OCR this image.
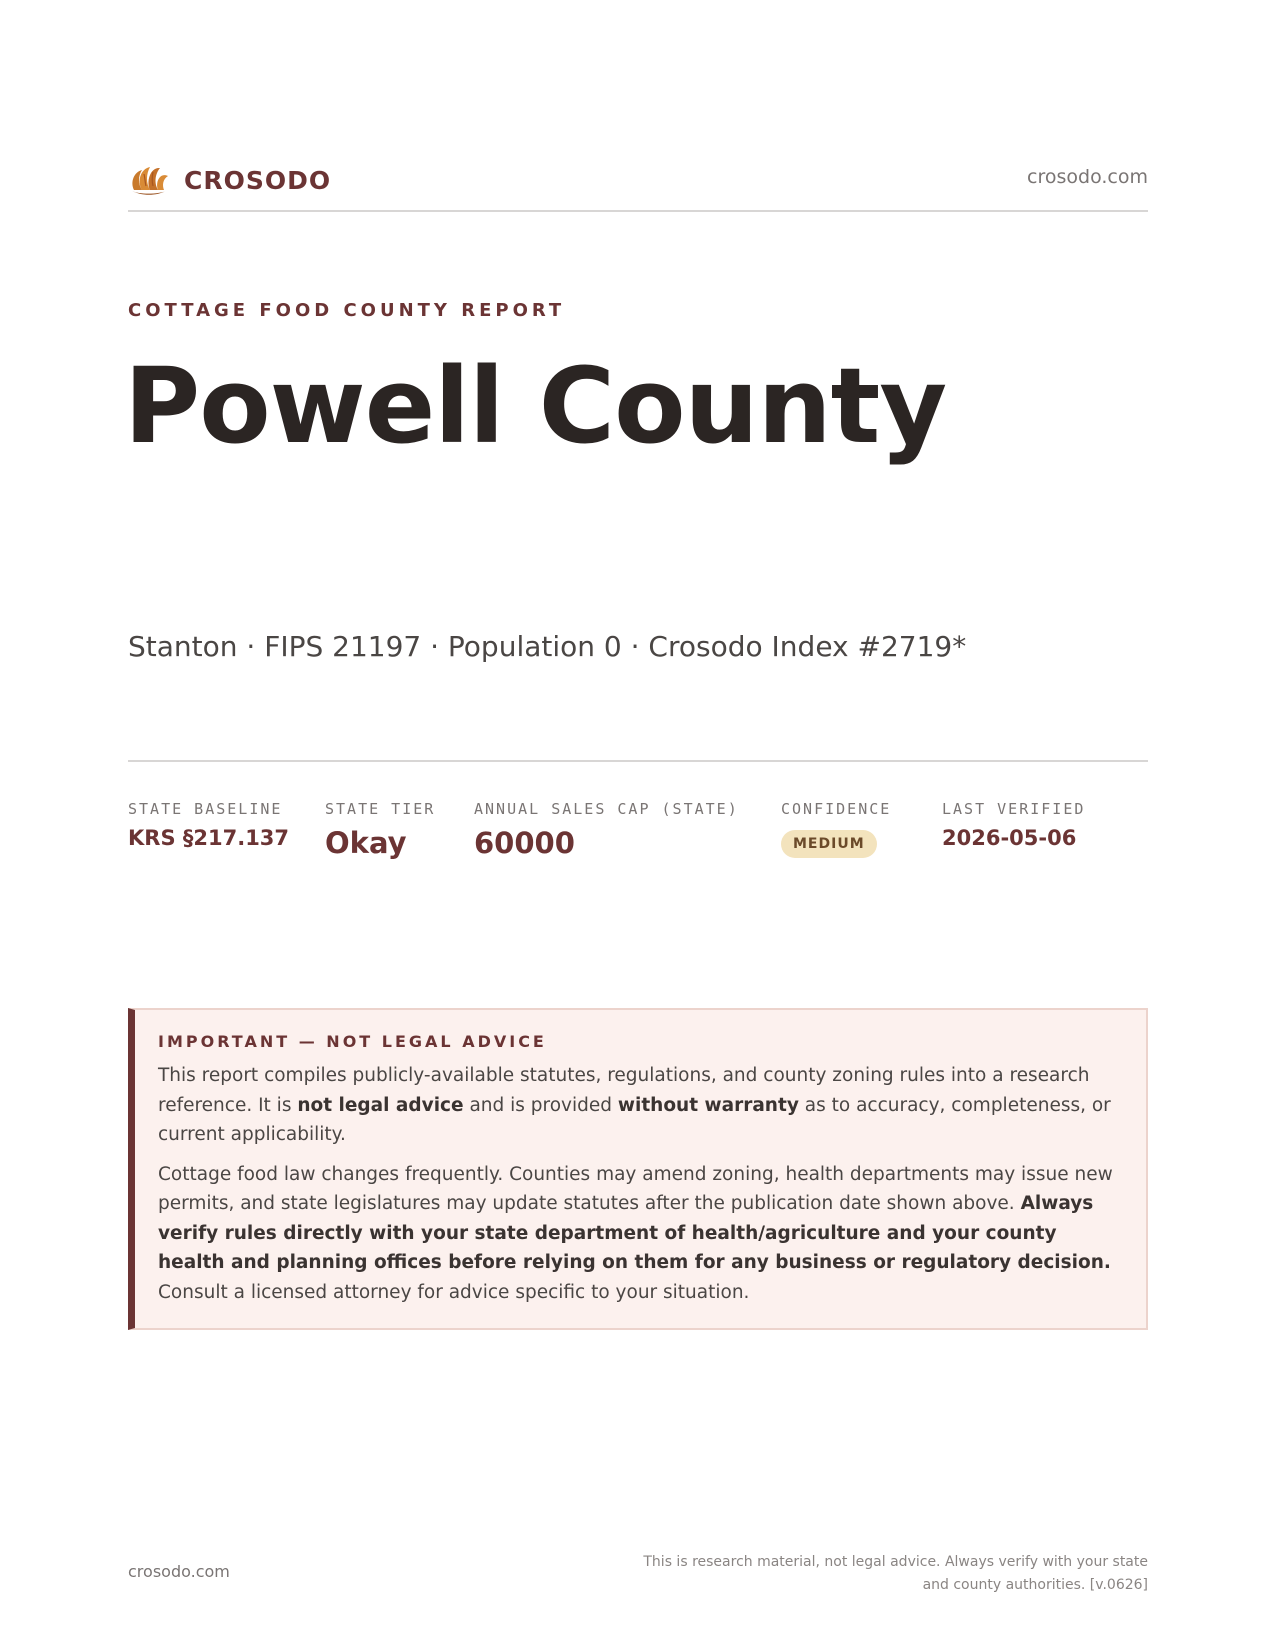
CROSODO	crosodo.com
COTTAGE FOOD COUNTY REPORT
Powell County
Stanton · FIPS 21197 · Population 0 · Crosodo Index #2719*
STATE BASELINE
KRS §217.137
STATE TIER
Okay
ANNUAL SALES CAP (STATE)
60000
CONFIDENCE
MEDIUM
LAST VERIFIED
2026-05-06
IMPORTANT — NOT LEGAL ADVICE

This report compiles publicly-available statutes, regulations, and county zoning rules into a research reference. It is not legal advice and is provided without warranty as to accuracy, completeness, or current applicability.

Cottage food law changes frequently. Counties may amend zoning, health departments may issue new permits, and state legislatures may update statutes after the publication date shown above. Always verify rules directly with your state department of health/agriculture and your county health and planning offices before relying on them for any business or regulatory decision. Consult a licensed attorney for advice specific to your situation.

crosodo.com	This is research material, not legal advice. Always verify with your state
and county authorities. [v.0626]
